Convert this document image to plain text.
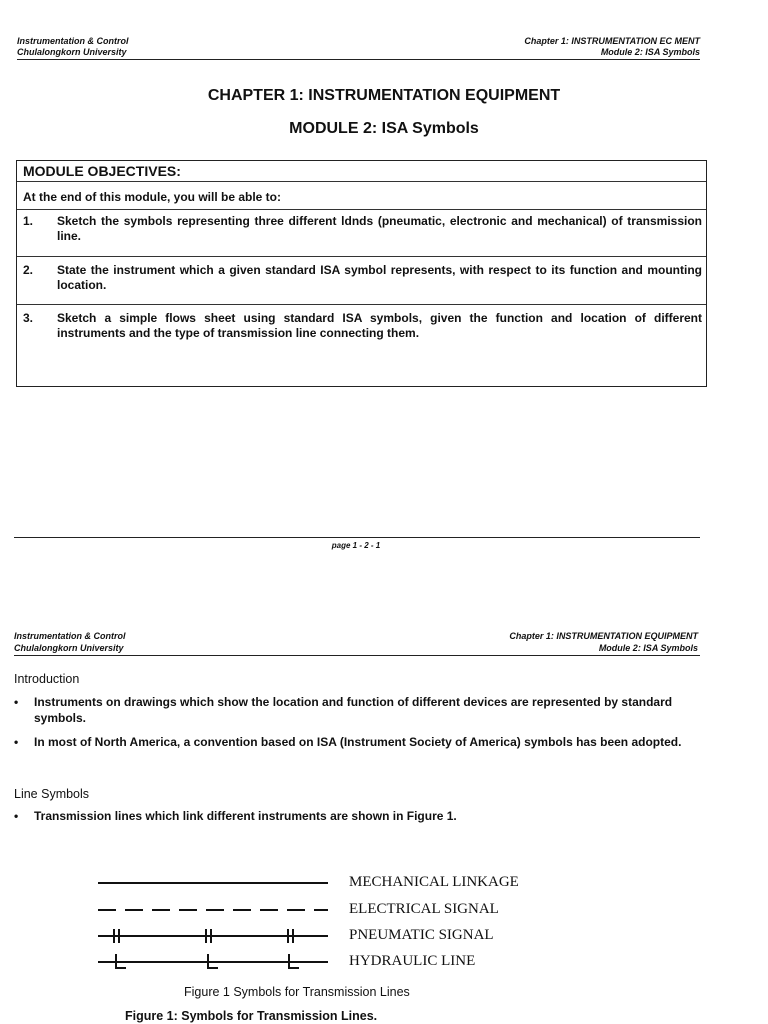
Instrumentation & Control
Chulalongkorn University
Chapter 1: INSTRUMENTATION EC MENT
Module 2: ISA Symbols
CHAPTER 1: INSTRUMENTATION EQUIPMENT
MODULE 2: ISA Symbols
MODULE OBJECTIVES:
At the end of this module, you will be able to:
1. Sketch the symbols representing three different ldnds (pneumatic, electronic and mechanical) of transmission line.
2. State the instrument which a given standard ISA symbol represents, with respect to its function and mounting location.
3. Sketch a simple flows sheet using standard ISA symbols, given the function and location of different instruments and the type of transmission line connecting them.
page 1 - 2 - 1
Instrumentation & Control
Chulalongkorn University
Chapter 1: INSTRUMENTATION EQUIPMENT
Module 2: ISA Symbols
Introduction
• Instruments on drawings which show the location and function of different devices are represented by standard symbols.
• In most of North America, a convention based on ISA (Instrument Society of America) symbols has been adopted.
Line Symbols
• Transmission lines which link different instruments are shown in Figure 1.
MECHANICAL LINKAGE
ELECTRICAL SIGNAL
PNEUMATIC SIGNAL
HYDRAULIC LINE
Figure 1 Symbols for Transmission Lines
Figure 1: Symbols for Transmission Lines.
